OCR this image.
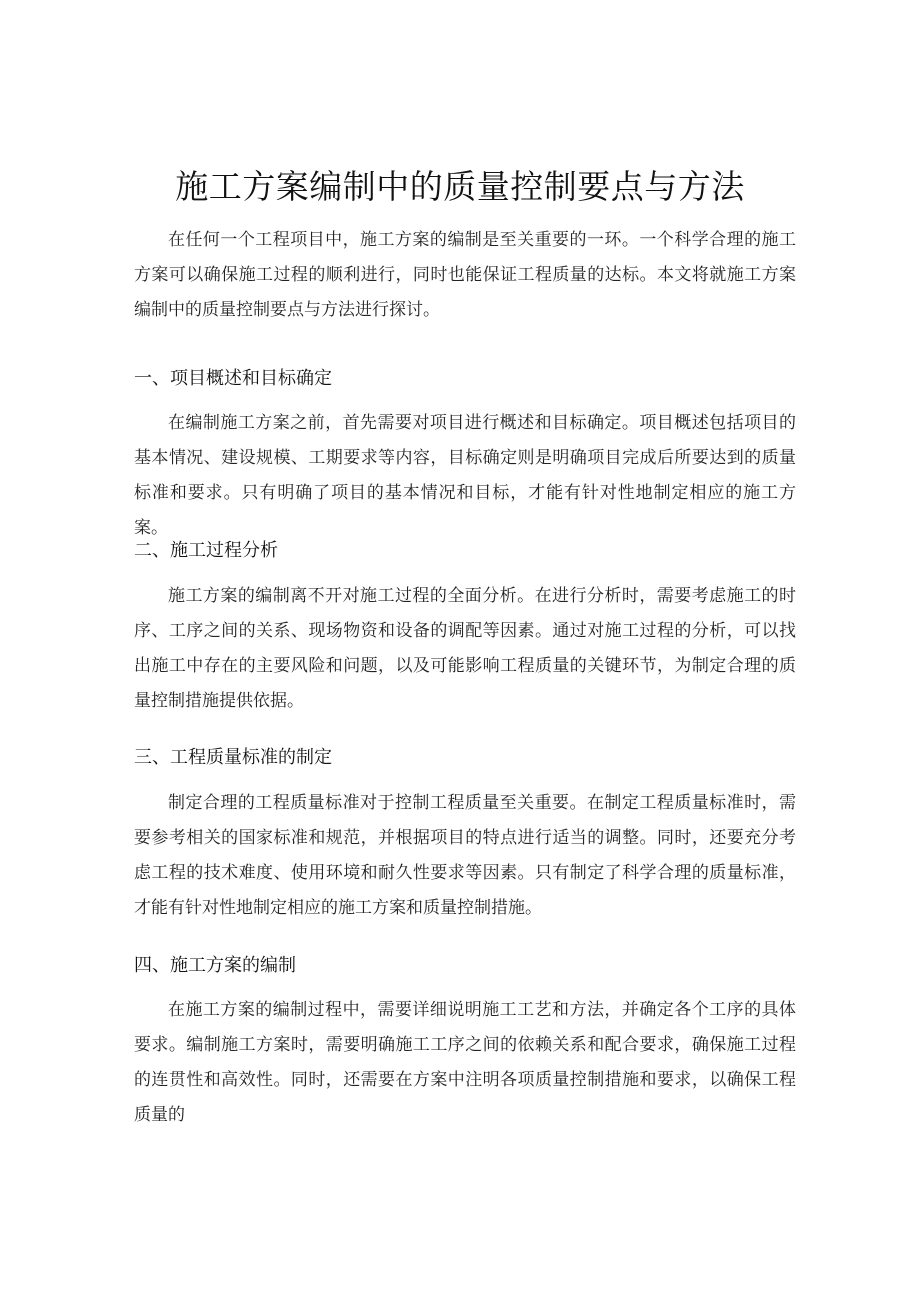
施工方案编制中的质量控制要点与方法

在任何一个工程项目中，施工方案的编制是至关重要的一环。一个科学合理的施工方案可以确保施工过程的顺利进行，同时也能保证工程质量的达标。本文将就施工方案编制中的质量控制要点与方法进行探讨。

一、项目概述和目标确定

在编制施工方案之前，首先需要对项目进行概述和目标确定。项目概述包括项目的基本情况、建设规模、工期要求等内容，目标确定则是明确项目完成后所要达到的质量标准和要求。只有明确了项目的基本情况和目标，才能有针对性地制定相应的施工方案。

二、施工过程分析

施工方案的编制离不开对施工过程的全面分析。在进行分析时，需要考虑施工的时序、工序之间的关系、现场物资和设备的调配等因素。通过对施工过程的分析，可以找出施工中存在的主要风险和问题，以及可能影响工程质量的关键环节，为制定合理的质量控制措施提供依据。

三、工程质量标准的制定

制定合理的工程质量标准对于控制工程质量至关重要。在制定工程质量标准时，需要参考相关的国家标准和规范，并根据项目的特点进行适当的调整。同时，还要充分考虑工程的技术难度、使用环境和耐久性要求等因素。只有制定了科学合理的质量标准，才能有针对性地制定相应的施工方案和质量控制措施。

四、施工方案的编制

在施工方案的编制过程中，需要详细说明施工工艺和方法，并确定各个工序的具体要求。编制施工方案时，需要明确施工工序之间的依赖关系和配合要求，确保施工过程的连贯性和高效性。同时，还需要在方案中注明各项质量控制措施和要求，以确保工程质量的
